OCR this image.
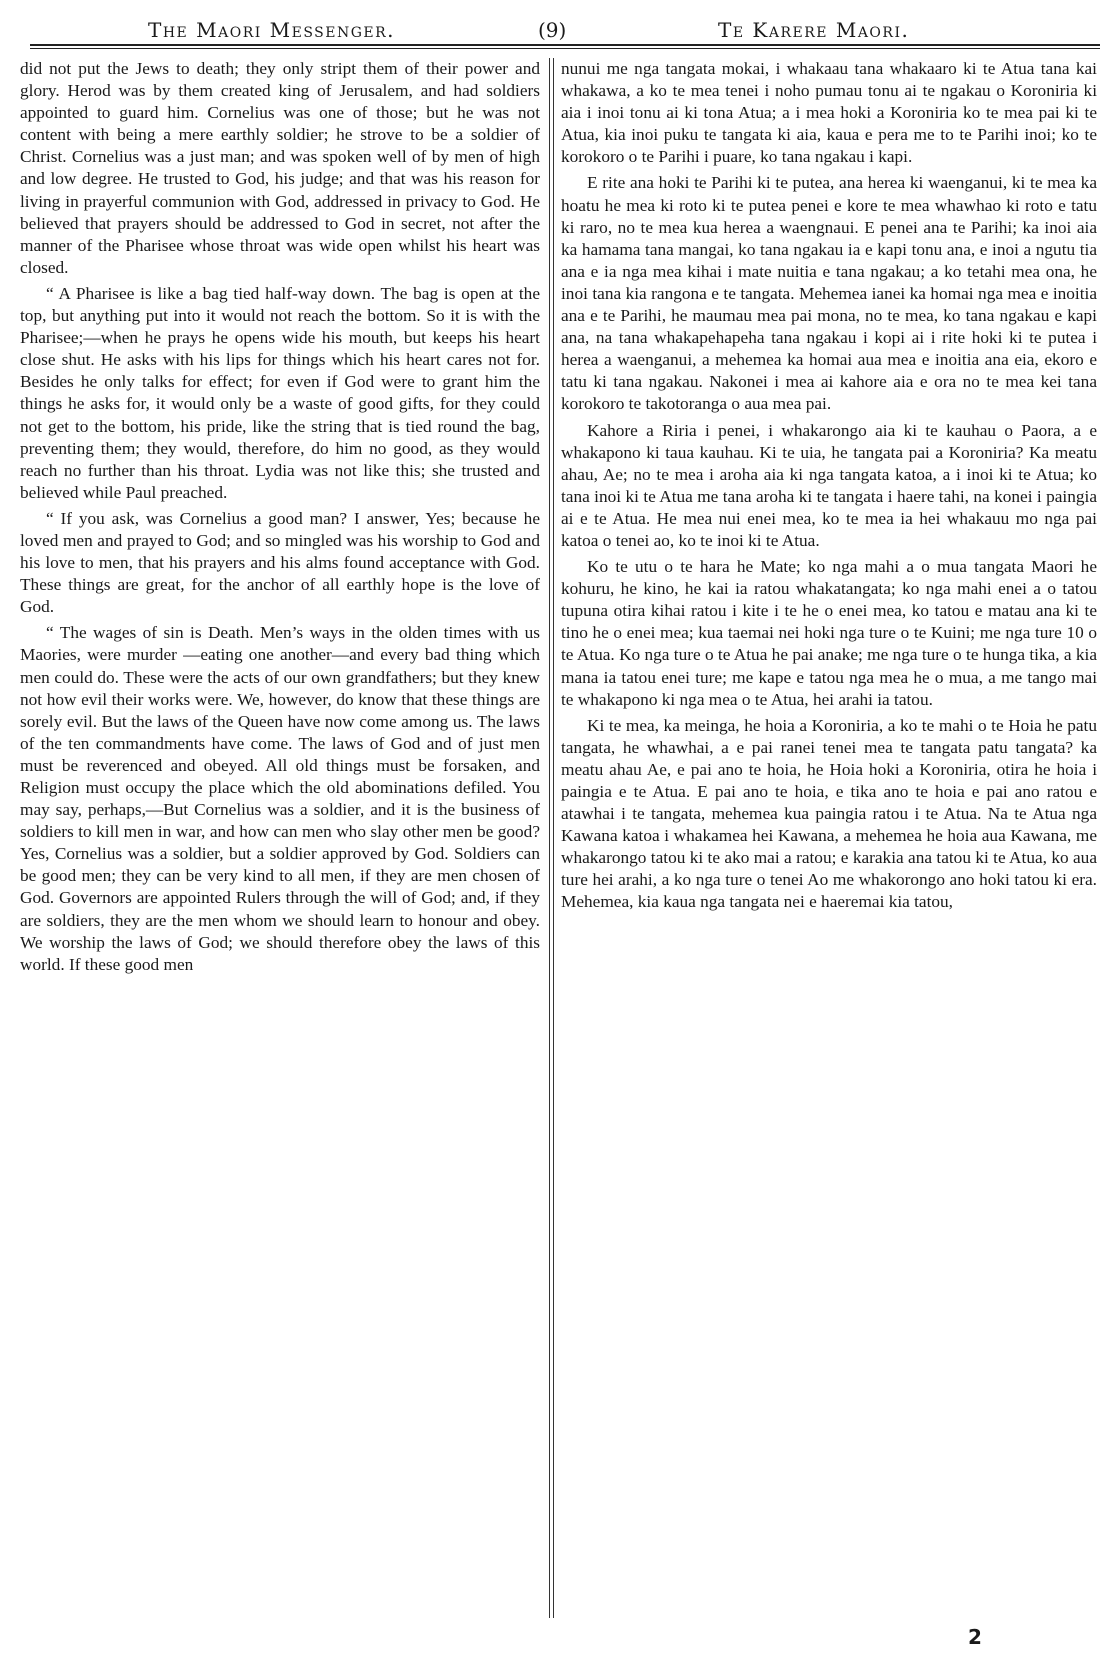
The Maori Messenger.	(9)	Te Karere Maori.

did not put the Jews to death; they only stript them of their power and glory. Herod was by them created king of Jerusalem, and had soldiers appointed to guard him. Cornelius was one of those; but he was not content with being a mere earthly soldier; he strove to be a soldier of Christ. Cornelius was a just man; and was spoken well of by men of high and low degree. He trusted to God, his judge; and that was his reason for living in prayerful communion with God, addressed in privacy to God. He believed that prayers should be addressed to God in secret, not after the manner of the Pharisee whose throat was wide open whilst his heart was closed.

“ A Pharisee is like a bag tied half-way down. The bag is open at the top, but anything put into it would not reach the bottom. So it is with the Pharisee;—when he prays he opens wide his mouth, but keeps his heart close shut. He asks with his lips for things which his heart cares not for. Besides he only talks for effect; for even if God were to grant him the things he asks for, it would only be a waste of good gifts, for they could not get to the bottom, his pride, like the string that is tied round the bag, preventing them; they would, therefore, do him no good, as they would reach no further than his throat. Lydia was not like this; she trusted and believed while Paul preached.

“ If you ask, was Cornelius a good man? I answer, Yes; because he loved men and prayed to God; and so mingled was his worship to God and his love to men, that his prayers and his alms found acceptance with God. These things are great, for the anchor of all earthly hope is the love of God.

“ The wages of sin is Death. Men’s ways in the olden times with us Maories, were murder —eating one another—and every bad thing which men could do. These were the acts of our own grandfathers; but they knew not how evil their works were. We, however, do know that these things are sorely evil. But the laws of the Queen have now come among us. The laws of the ten commandments have come. The laws of God and of just men must be reverenced and obeyed. All old things must be forsaken, and Religion must occupy the place which the old abominations defiled. You may say, perhaps,—But Cornelius was a soldier, and it is the business of soldiers to kill men in war, and how can men who slay other men be good? Yes, Cornelius was a soldier, but a soldier approved by God. Soldiers can be good men; they can be very kind to all men, if they are men chosen of God. Governors are appointed Rulers through the will of God; and, if they are soldiers, they are the men whom we should learn to honour and obey. We worship the laws of God; we should therefore obey the laws of this world. If these good men

nunui me nga tangata mokai, i whakaau tana whakaaro ki te Atua tana kai whakawa, a ko te mea tenei i noho pumau tonu ai te ngakau o Koroniria ki aia i inoi tonu ai ki tona Atua; a i mea hoki a Koroniria ko te mea pai ki te Atua, kia inoi puku te tangata ki aia, kaua e pera me to te Parihi inoi; ko te korokoro o te Parihi i puare, ko tana ngakau i kapi.

E rite ana hoki te Parihi ki te putea, ana herea ki waenganui, ki te mea ka hoatu he mea ki roto ki te putea penei e kore te mea whawhao ki roto e tatu ki raro, no te mea kua herea a waengnaui. E penei ana te Parihi; ka inoi aia ka hamama tana mangai, ko tana ngakau ia e kapi tonu ana, e inoi a ngutu tia ana e ia nga mea kihai i mate nuitia e tana ngakau; a ko tetahi mea ona, he inoi tana kia rangona e te tangata. Mehemea ianei ka homai nga mea e inoitia ana e te Parihi, he maumau mea pai mona, no te mea, ko tana ngakau e kapi ana, na tana whakapehapeha tana ngakau i kopi ai i rite hoki ki te putea i herea a waenganui, a mehemea ka homai aua mea e inoitia ana eia, ekoro e tatu ki tana ngakau. Nakonei i mea ai kahore aia e ora no te mea kei tana korokoro te takotoranga o aua mea pai.

Kahore a Riria i penei, i whakarongo aia ki te kauhau o Paora, a e whakapono ki taua kauhau. Ki te uia, he tangata pai a Koroniria? Ka meatu ahau, Ae; no te mea i aroha aia ki nga tangata katoa, a i inoi ki te Atua; ko tana inoi ki te Atua me tana aroha ki te tangata i haere tahi, na konei i paingia ai e te Atua. He mea nui enei mea, ko te mea ia hei whakauu mo nga pai katoa o tenei ao, ko te inoi ki te Atua.

Ko te utu o te hara he Mate; ko nga mahi a o mua tangata Maori he kohuru, he kino, he kai ia ratou whakatangata; ko nga mahi enei a o tatou tupuna otira kihai ratou i kite i te he o enei mea, ko tatou e matau ana ki te tino he o enei mea; kua taemai nei hoki nga ture o te Kuini; me nga ture 10 o te Atua. Ko nga ture o te Atua he pai anake; me nga ture o te hunga tika, a kia mana ia tatou enei ture; me kape e tatou nga mea he o mua, a me tango mai te whakapono ki nga mea o te Atua, hei arahi ia tatou.

Ki te mea, ka meinga, he hoia a Koroniria, a ko te mahi o te Hoia he patu tangata, he whawhai, a e pai ranei tenei mea te tangata patu tangata? ka meatu ahau Ae, e pai ano te hoia, he Hoia hoki a Koroniria, otira he hoia i paingia e te Atua. E pai ano te hoia, e tika ano te hoia e pai ano ratou e atawhai i te tangata, mehemea kua paingia ratou i te Atua. Na te Atua nga Kawana katoa i whakamea hei Kawana, a mehemea he hoia aua Kawana, me whakarongo tatou ki te ako mai a ratou; e karakia ana tatou ki te Atua, ko aua ture hei arahi, a ko nga ture o tenei Ao me whakorongo ano hoki tatou ki era. Mehemea, kia kaua nga tangata nei e haeremai kia tatou,

2
